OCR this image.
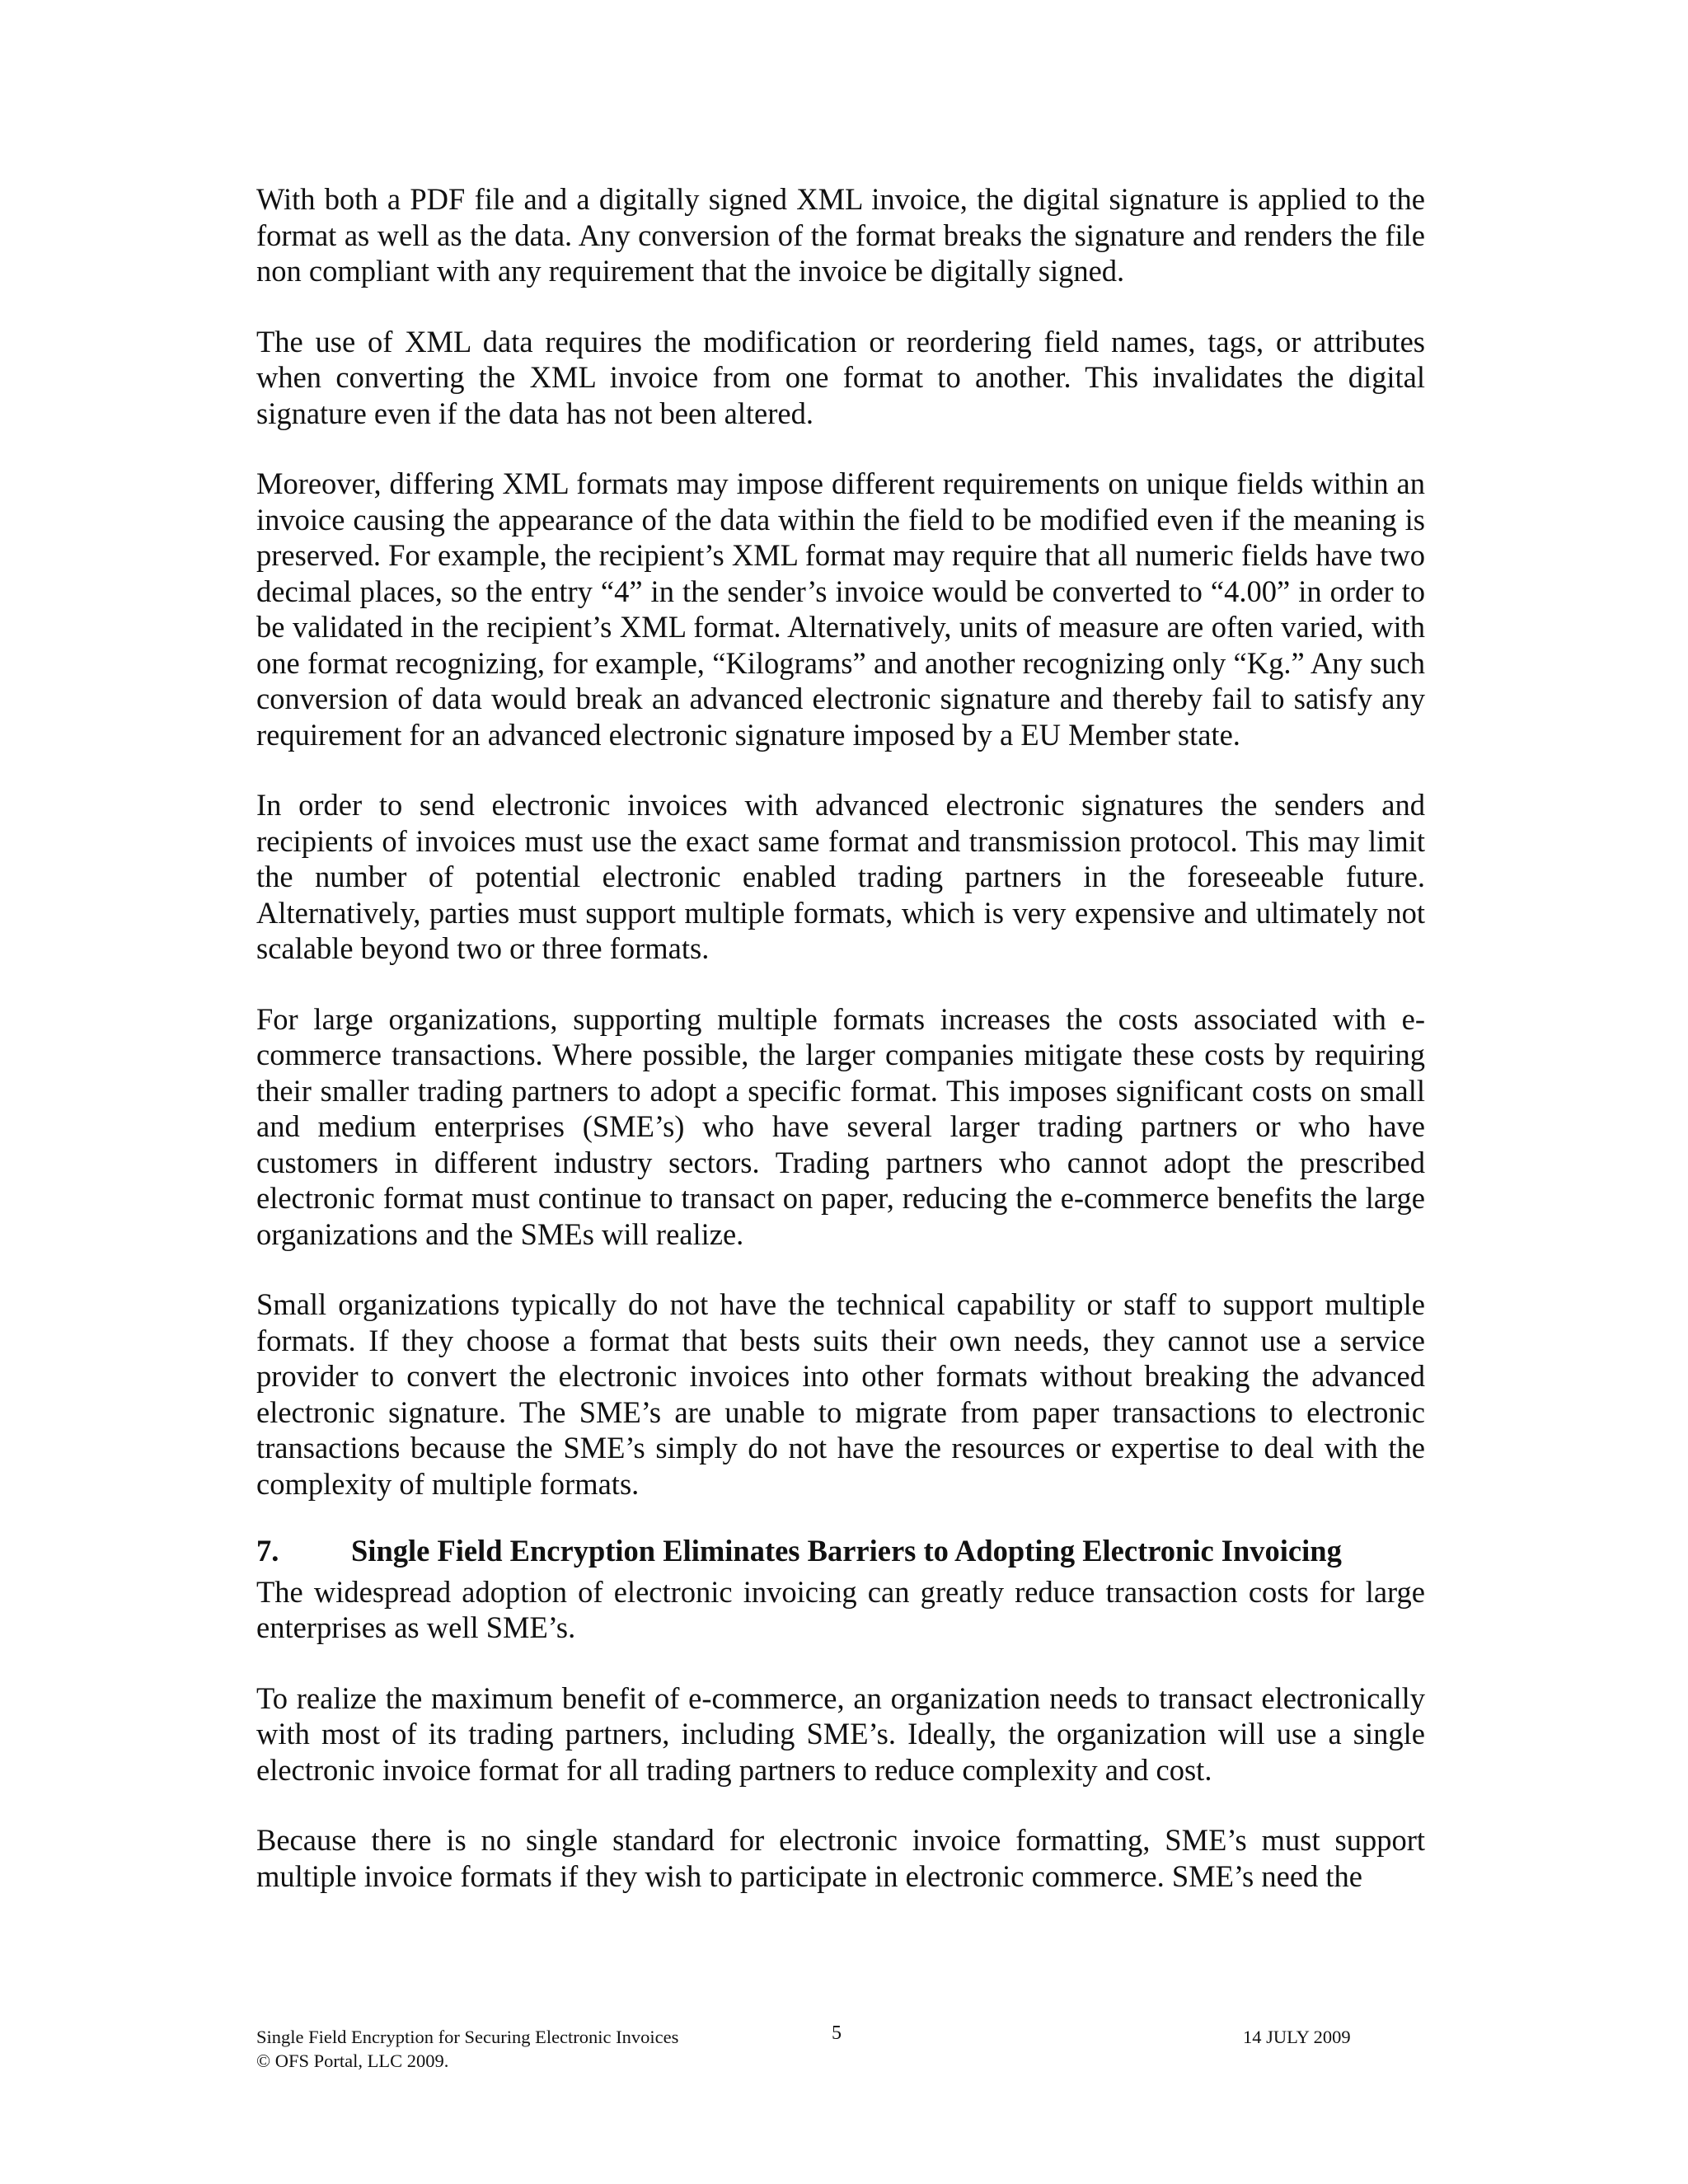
With both a PDF file and a digitally signed XML invoice, the digital signature is applied to the format as well as the data. Any conversion of the format breaks the signature and renders the file non compliant with any requirement that the invoice be digitally signed.

The use of XML data requires the modification or reordering field names, tags, or attributes when converting the XML invoice from one format to another. This invalidates the digital signature even if the data has not been altered.

Moreover, differing XML formats may impose different requirements on unique fields within an invoice causing the appearance of the data within the field to be modified even if the meaning is preserved. For example, the recipient’s XML format may require that all numeric fields have two decimal places, so the entry “4” in the sender’s invoice would be converted to “4.00” in order to be validated in the recipient’s XML format. Alternatively, units of measure are often varied, with one format recognizing, for example, “Kilograms” and another recognizing only “Kg.” Any such conversion of data would break an advanced electronic signature and thereby fail to satisfy any requirement for an advanced electronic signature imposed by a EU Member state.

In order to send electronic invoices with advanced electronic signatures the senders and recipients of invoices must use the exact same format and transmission protocol. This may limit the number of potential electronic enabled trading partners in the foreseeable future. Alternatively, parties must support multiple formats, which is very expensive and ultimately not scalable beyond two or three formats.

For large organizations, supporting multiple formats increases the costs associated with e-commerce transactions. Where possible, the larger companies mitigate these costs by requiring their smaller trading partners to adopt a specific format. This imposes significant costs on small and medium enterprises (SME’s) who have several larger trading partners or who have customers in different industry sectors. Trading partners who cannot adopt the prescribed electronic format must continue to transact on paper, reducing the e-commerce benefits the large organizations and the SMEs will realize.

Small organizations typically do not have the technical capability or staff to support multiple formats. If they choose a format that bests suits their own needs, they cannot use a service provider to convert the electronic invoices into other formats without breaking the advanced electronic signature. The SME’s are unable to migrate from paper transactions to electronic transactions because the SME’s simply do not have the resources or expertise to deal with the complexity of multiple formats.

7.	Single Field Encryption Eliminates Barriers to Adopting Electronic Invoicing

The widespread adoption of electronic invoicing can greatly reduce transaction costs for large enterprises as well SME’s.

To realize the maximum benefit of e-commerce, an organization needs to transact electronically with most of its trading partners, including SME’s. Ideally, the organization will use a single electronic invoice format for all trading partners to reduce complexity and cost.

Because there is no single standard for electronic invoice formatting, SME’s must support multiple invoice formats if they wish to participate in electronic commerce. SME’s need the

Single Field Encryption for Securing Electronic Invoices
© OFS Portal, LLC 2009.
5	14 JULY 2009
